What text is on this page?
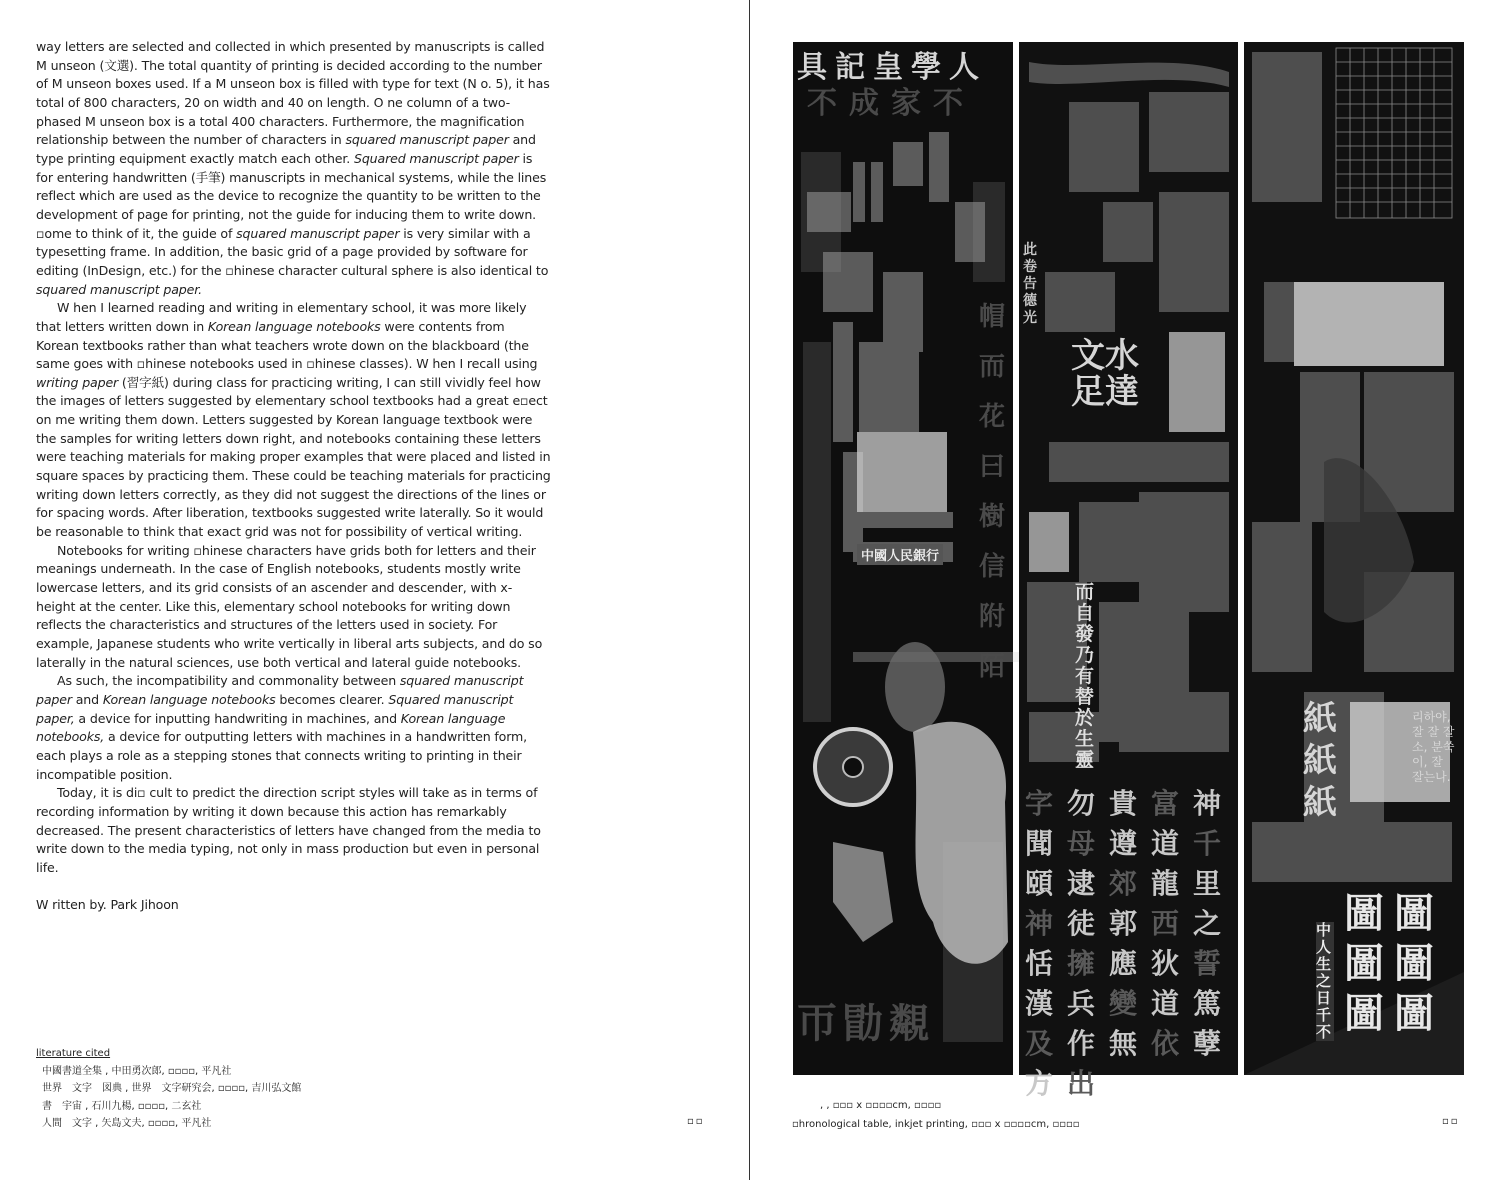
way letters are selected and collected in which presented by manuscripts is called M unseon (文選). The total quantity of printing is decided according to the number of M unseon boxes used. If a M unseon box is filled with type for text (N o. 5), it has total of 800 characters, 20 on width and 40 on length. O ne column of a two-phased M unseon box is a total 400 characters. Furthermore, the magnification relationship between the number of characters in squared manuscript paper and type printing equipment exactly match each other. Squared manuscript paper is for entering handwritten (手筆) manuscripts in mechanical systems, while the lines reflect which are used as the device to recognize the quantity to be written to the development of page for printing, not the guide for inducing them to write down. ▫ome to think of it, the guide of squared manuscript paper is very similar with a typesetting frame. In addition, the basic grid of a page provided by software for editing (InDesign, etc.) for the ▫hinese character cultural sphere is also identical to squared manuscript paper.

W hen I learned reading and writing in elementary school, it was more likely that letters written down in Korean language notebooks were contents from Korean textbooks rather than what teachers wrote down on the blackboard (the same goes with ▫hinese notebooks used in ▫hinese classes). W hen I recall using writing paper (習字紙) during class for practicing writing, I can still vividly feel how the images of letters suggested by elementary school textbooks had a great e▫ect on me writing them down. Letters suggested by Korean language textbook were the samples for writing letters down right, and notebooks containing these letters were teaching materials for making proper examples that were placed and listed in square spaces by practicing them. These could be teaching materials for practicing writing down letters correctly, as they did not suggest the directions of the lines or for spacing words. After liberation, textbooks suggested write laterally. So it would be reasonable to think that exact grid was not for possibility of vertical writing.

Notebooks for writing ▫hinese characters have grids both for letters and their meanings underneath. In the case of English notebooks, students mostly write lowercase letters, and its grid consists of an ascender and descender, with x-height at the center. Like this, elementary school notebooks for writing down reflects the characteristics and structures of the letters used in society. For example, Japanese students who write vertically in liberal arts subjects, and do so laterally in the natural sciences, use both vertical and lateral guide notebooks.

As such, the incompatibility and commonality between squared manuscript paper and Korean language notebooks becomes clearer. Squared manuscript paper, a device for inputting handwriting in machines, and Korean language notebooks, a device for outputting letters with machines in a handwritten form, each plays a role as a stepping stones that connects writing to printing in their incompatible position.

Today, it is di▫ cult to predict the direction script styles will take as in terms of recording information by writing it down because this action has remarkably decreased. The present characteristics of letters have changed from the media to write down to the media typing, not only in mass production but even in personal life.

W ritten by. Park Jihoon

literature cited
中國書道全集 , 中田勇次郎, ▫▫▫▫, 平凡社
世界　文字　図典 , 世界　文字研究会, ▫▫▫▫, 吉川弘文館
書　宇宙 , 石川九楊, ▫▫▫▫, 二玄社
人間　文字 , 矢島文夫, ▫▫▫▫, 平凡社	▫▫
具記皇學人
不成家不
帽
而
花
曰
樹
信
附
陌
中國人民銀行
帀勖䚏
文水足達
而自發乃有替於生靈
此卷告德光
字 勿 貴 富 神
聞 母 遵 道 千
頤 逮 郊 龍 里
神 徒 郭 西 之
恬 擁 應 狄 誓
漢 兵 變 道 篤
及 作 無 依 孽
方 出
紙
紙
紙
리하야, 잘 잘 잘소, 분쑥이, 잘 잘는나.
中人生之日千不
圖 圖
圖 圖
圖 圖
, , ▫▫▫ x ▫▫▫▫cm, ▫▫▫▫
▫hronological table, inkjet printing, ▫▫▫ x ▫▫▫▫cm, ▫▫▫▫	▫▫
